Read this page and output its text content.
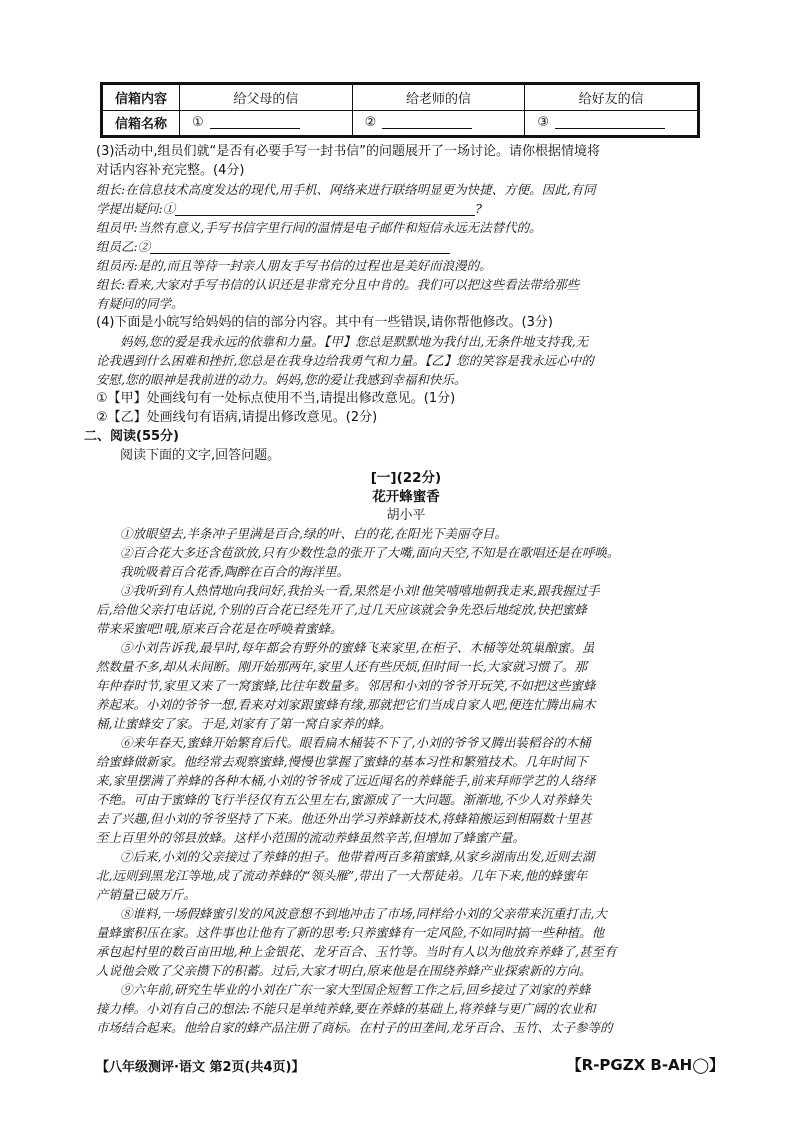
信箱内容	给父母的信	给老师的信	给好友的信
信箱名称	①	②	③
(3)活动中,组员们就“是否有必要手写一封书信”的问题展开了一场讨论。请你根据情境将
对话内容补充完整。(4分)
组长:在信息技术高度发达的现代,用手机、网络来进行联络明显更为快捷、方便。因此,有同
学提出疑问:①	?
组员甲:当然有意义,手写书信字里行间的温情是电子邮件和短信永远无法替代的。
组员乙:②
组员丙:是的,而且等待一封亲人朋友手写书信的过程也是美好而浪漫的。
组长:看来,大家对手写书信的认识还是非常充分且中肯的。我们可以把这些看法带给那些
有疑问的同学。
(4)下面是小皖写给妈妈的信的部分内容。其中有一些错误,请你帮他修改。(3分)
妈妈,您的爱是我永远的依靠和力量。【甲】您总是默默地为我付出,无条件地支持我,无
论我遇到什么困难和挫折,您总是在我身边给我勇气和力量。【乙】您的笑容是我永远心中的
安慰,您的眼神是我前进的动力。妈妈,您的爱让我感到幸福和快乐。
①【甲】处画线句有一处标点使用不当,请提出修改意见。(1分)
②【乙】处画线句有语病,请提出修改意见。(2分)
二、阅读(55分)
阅读下面的文字,回答问题。
[一](22分)
花开蜂蜜香
胡小平
①放眼望去,半条冲子里满是百合,绿的叶、白的花,在阳光下美丽夺目。
②百合花大多还含苞欲放,只有少数性急的张开了大嘴,面向天空,不知是在歌唱还是在呼唤。
我吮吸着百合花香,陶醉在百合的海洋里。
③我听到有人热情地向我问好,我抬头一看,果然是小刘!他笑嘻嘻地朝我走来,跟我握过手
后,给他父亲打电话说,个别的百合花已经先开了,过几天应该就会争先恐后地绽放,快把蜜蜂
带来采蜜吧!哦,原来百合花是在呼唤着蜜蜂。
⑤小刘告诉我,最早时,每年都会有野外的蜜蜂飞来家里,在柜子、木桶等处筑巢酿蜜。虽
然数量不多,却从未间断。刚开始那两年,家里人还有些厌烦,但时间一长,大家就习惯了。那
年仲春时节,家里又来了一窝蜜蜂,比往年数量多。邻居和小刘的爷爷开玩笑,不如把这些蜜蜂
养起来。小刘的爷爷一想,看来对刘家跟蜜蜂有缘,那就把它们当成自家人吧,便连忙腾出扁木
桶,让蜜蜂安了家。于是,刘家有了第一窝自家养的蜂。
⑥来年春天,蜜蜂开始繁育后代。眼看扁木桶装不下了,小刘的爷爷又腾出装稻谷的木桶
给蜜蜂做新家。他经常去观察蜜蜂,慢慢也掌握了蜜蜂的基本习性和繁殖技术。几年时间下
来,家里摆满了养蜂的各种木桶,小刘的爷爷成了远近闻名的养蜂能手,前来拜师学艺的人络绎
不绝。可由于蜜蜂的飞行半径仅有五公里左右,蜜源成了一大问题。渐渐地,不少人对养蜂失
去了兴趣,但小刘的爷爷坚持了下来。他还外出学习养蜂新技术,将蜂箱搬运到相隔数十里甚
至上百里外的邻县放蜂。这样小范围的流动养蜂虽然辛苦,但增加了蜂蜜产量。
⑦后来,小刘的父亲接过了养蜂的担子。他带着两百多箱蜜蜂,从家乡湖南出发,近则去湖
北,远则到黑龙江等地,成了流动养蜂的“领头雁”,带出了一大帮徒弟。几年下来,他的蜂蜜年
产销量已破万斤。
⑧谁料,一场假蜂蜜引发的风波意想不到地冲击了市场,同样给小刘的父亲带来沉重打击,大
量蜂蜜积压在家。这件事也让他有了新的思考:只养蜜蜂有一定风险,不如同时搞一些种植。他
承包起村里的数百亩田地,种上金银花、龙牙百合、玉竹等。当时有人以为他放弃养蜂了,甚至有
人说他会败了父亲攒下的积蓄。过后,大家才明白,原来他是在围绕养蜂产业探索新的方向。
⑨六年前,研究生毕业的小刘在广东一家大型国企短暂工作之后,回乡接过了刘家的养蜂
接力棒。小刘有自己的想法:不能只是单纯养蜂,要在养蜂的基础上,将养蜂与更广阔的农业和
市场结合起来。他给自家的蜂产品注册了商标。在村子的田垄间,龙牙百合、玉竹、太子参等的
【八年级测评·语文 第2页(共4页)】	【R-PGZX B-AH◯】
